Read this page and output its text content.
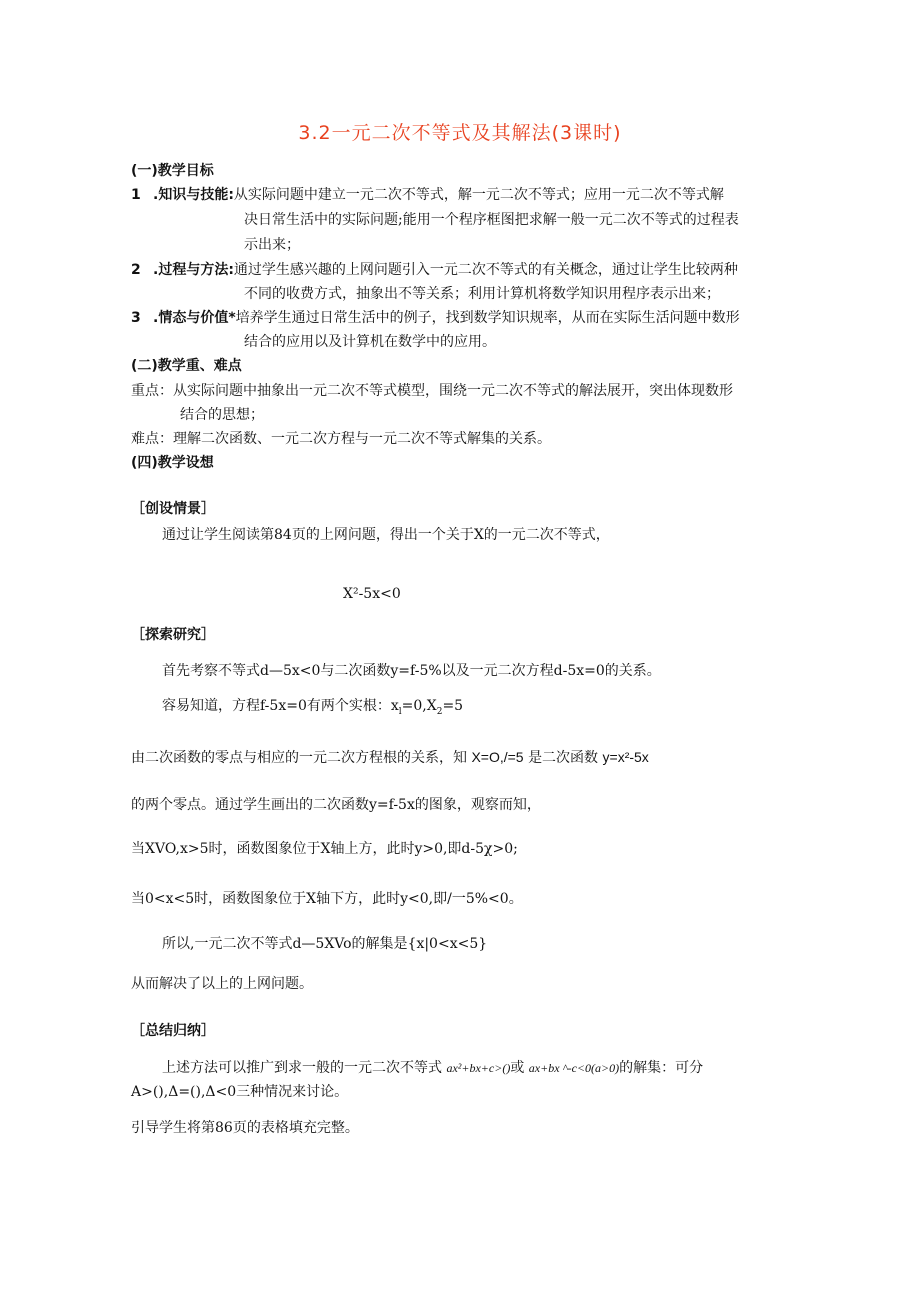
3.2一元二次不等式及其解法(3课时)
(一)教学目标
1 .知识与技能:从实际问题中建立一元二次不等式，解一元二次不等式；应用一元二次不等式解
决日常生活中的实际问题;能用一个程序框图把求解一般一元二次不等式的过程表
示出来；
2 .过程与方法:通过学生感兴趣的上网问题引入一元二次不等式的有关概念，通过让学生比较两种
不同的收费方式，抽象出不等关系；利用计算机将数学知识用程序表示出来；
3 .情态与价值*培养学生通过日常生活中的例子，找到数学知识规率，从而在实际生活问题中数形
结合的应用以及计算机在数学中的应用。
(二)教学重、难点
重点：从实际问题中抽象出一元二次不等式模型，围绕一元二次不等式的解法展开，突出体现数形
结合的思想；
难点：理解二次函数、一元二次方程与一元二次不等式解集的关系。
(四)教学设想
［创设情景］
通过让学生阅读第84页的上网问题，得出一个关于X的一元二次不等式，
X²-5x<0
［探索研究］
首先考察不等式d—5x<0与二次函数y=f-5%以及一元二次方程d-5x=0的关系。
容易知道，方程f-5x=0有两个实根：$x_l=0,X_2=5$
由二次函数的零点与相应的一元二次方程根的关系，知 X=O,/=5 是二次函数 y=x²-5x
的两个零点。通过学生画出的二次函数y=f-5x的图象，观察而知，
当XVO,x>5时，函数图象位于X轴上方，此时y>0,即d-5χ>0;
当0<x<5时，函数图象位于X轴下方，此时y<0,即/一5%<0。
所以,一元二次不等式d—5XVo的解集是{x|0<x<5}
从而解决了以上的上网问题。
［总结归纳］
上述方法可以推广到求一般的一元二次不等式 ax²+bx+c>()或 ax+bx ^-c<0(a>0)的解集：可分
A>(),Δ=(),Δ<0三种情况来讨论。
引导学生将第86页的表格填充完整。
